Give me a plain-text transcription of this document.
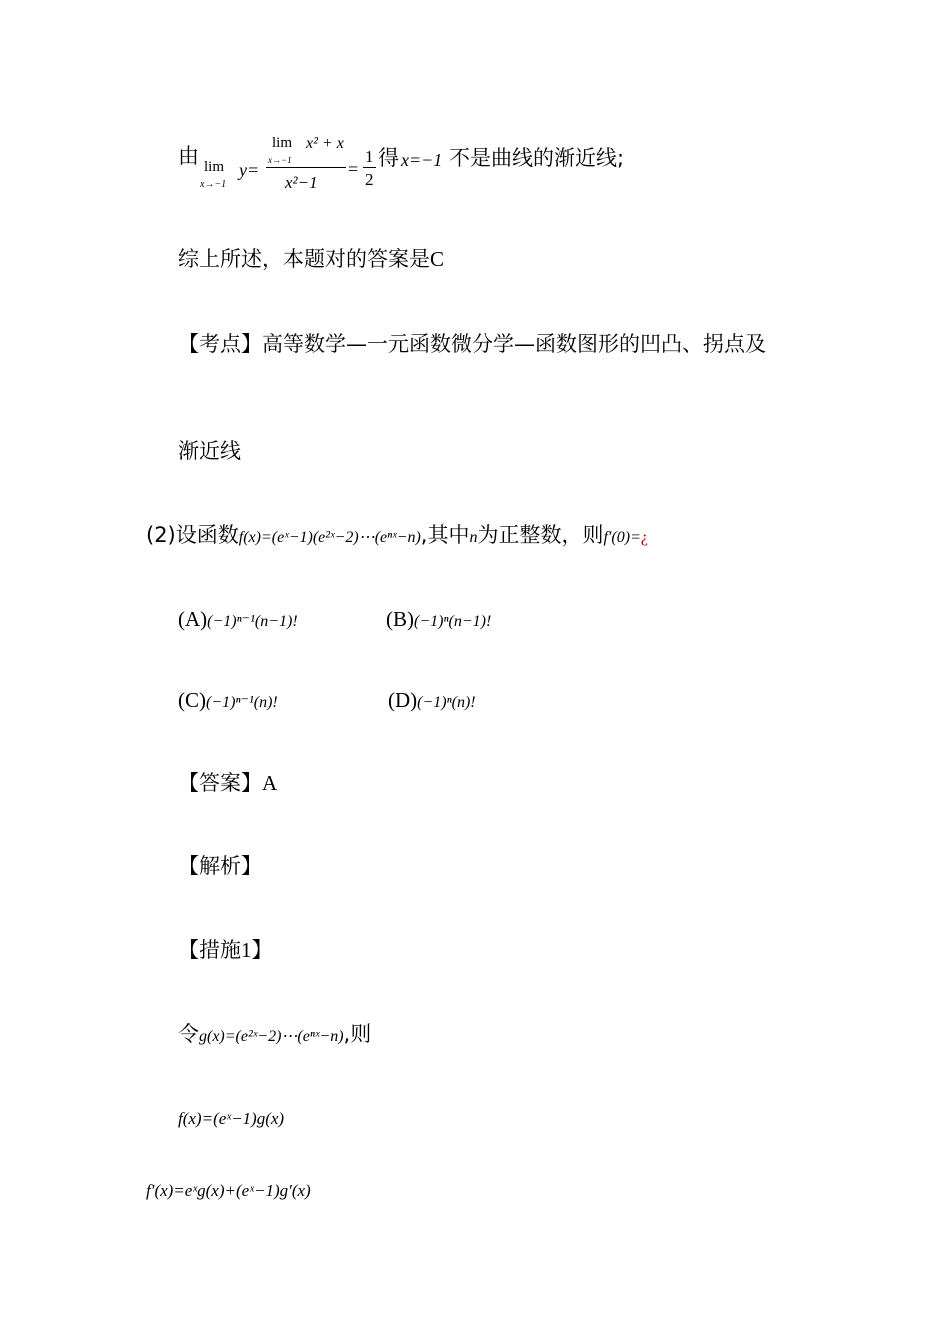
由 lim
x→−1
y=
lim x² + x
x→−1
x²−1
=
1
2
得 x=−1 不是曲线的渐近线;
综上所述，本题对的答案是C
【考点】高等数学—一元函数微分学—函数图形的凹凸、拐点及
渐近线
(2)设函数f(x)=(eˣ−1)(e²ˣ−2)⋯(eⁿˣ−n),其中n为正整数，则f′(0)=¿
(A)(−1)ⁿ⁻¹(n−1)!	(B)(−1)ⁿ(n−1)!
(C)(−1)ⁿ⁻¹(n)!	(D)(−1)ⁿ(n)!
【答案】A
【解析】
【措施1】
令g(x)=(e²ˣ−2)⋯(eⁿˣ−n),则
f(x)=(eˣ−1)g(x)
f′(x)=eˣg(x)+(eˣ−1)g′(x)
